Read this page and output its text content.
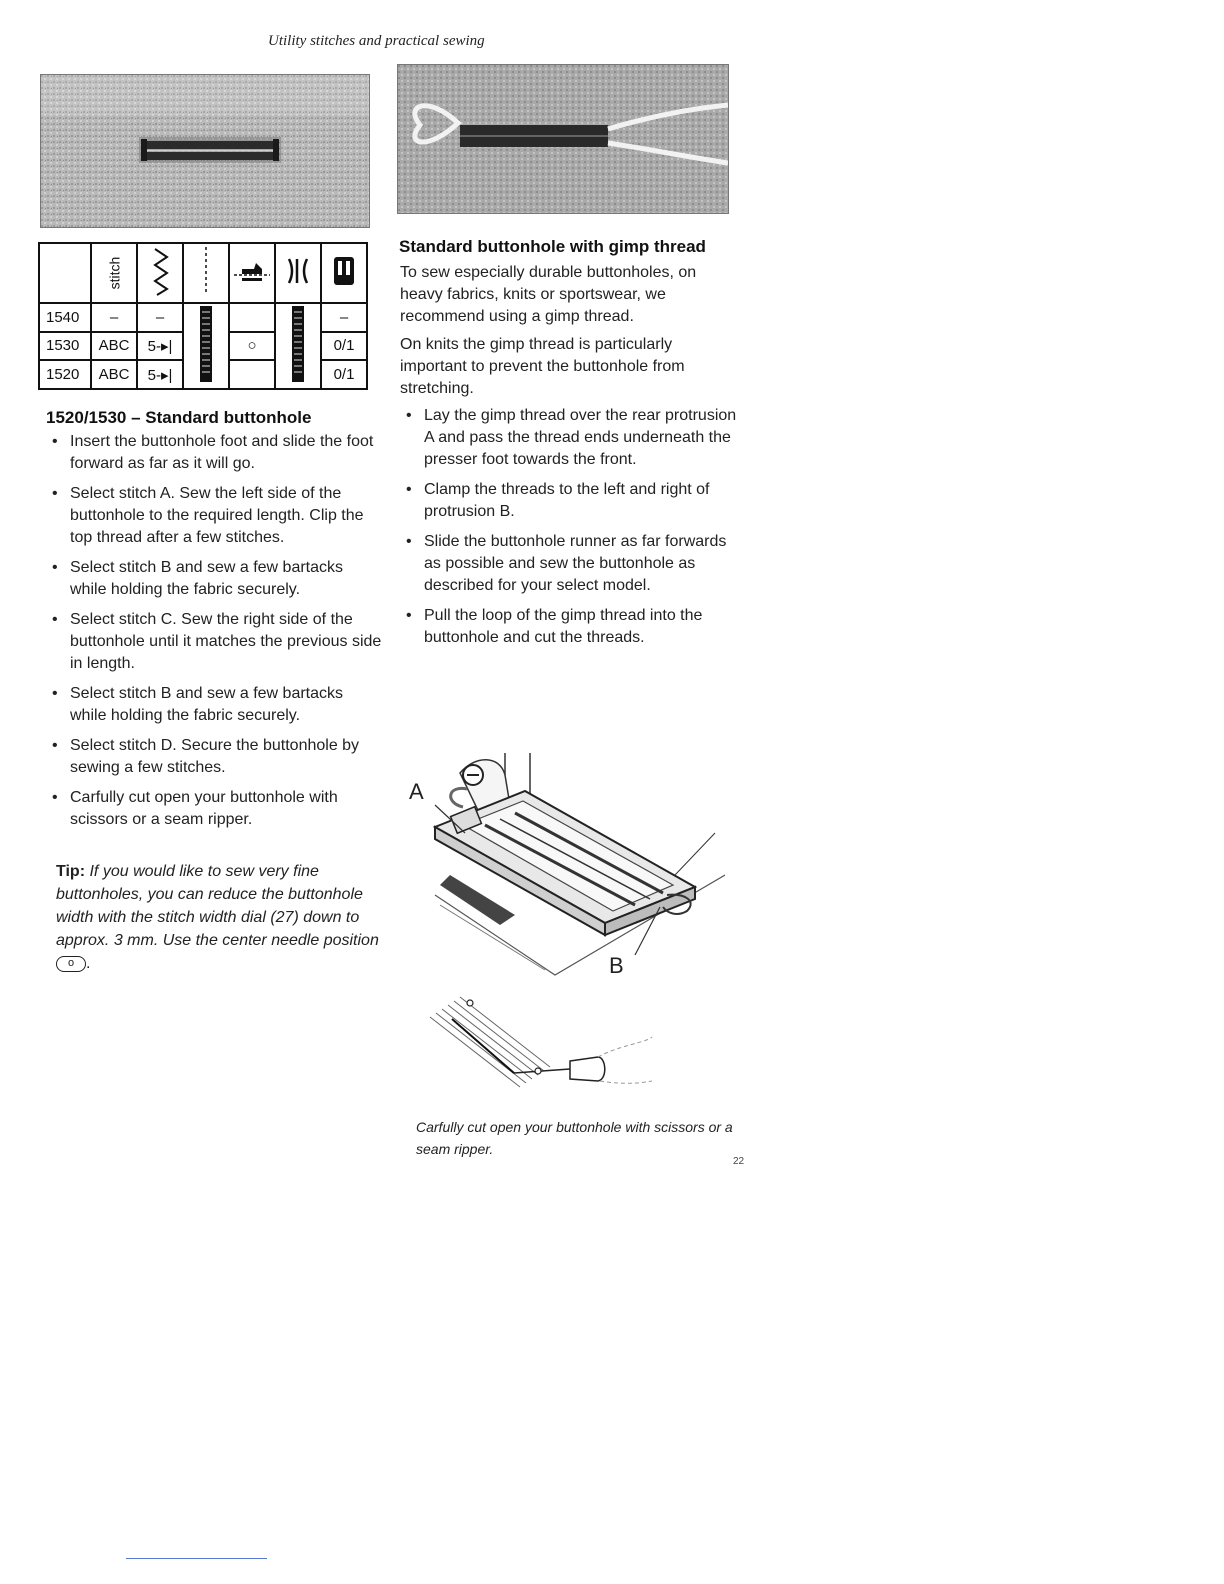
Utility stitches and practical sewing
	stitch					
1540	–	–				–
1530	ABC	5-▸|		○		0/1
1520	ABC	5-▸|				0/1
1520/1530 – Standard buttonhole
• Insert the buttonhole foot and slide the foot forward as far as it will go.
• Select stitch A. Sew the left side of the buttonhole to the required length. Clip the top thread after a few stitches.
• Select stitch B and sew a few bartacks while holding the fabric securely.
• Select stitch C. Sew the right side of the buttonhole until it matches the previous side in length.
• Select stitch B and sew a few bartacks while holding the fabric securely.
• Select stitch D. Secure the buttonhole by sewing a few stitches.
• Carfully cut open your buttonhole with scissors or a seam ripper.
Tip: If you would like to sew very fine buttonholes, you can reduce the buttonhole width with the stitch width dial (27) down to approx. 3 mm. Use the center needle position o .
Standard buttonhole with gimp thread

To sew especially durable buttonholes, on heavy fabrics, knits or sportswear, we recommend using a gimp thread.

On knits the gimp thread is particularly important to prevent the buttonhole from stretching.

• Lay the gimp thread over the rear protrusion A and pass the thread ends underneath the presser foot towards the front.
• Clamp the threads to the left and right of protrusion B.
• Slide the buttonhole runner as far forwards as possible and sew the buttonhole as described for your select model.
• Pull the loop of the gimp thread into the buttonhole and cut the threads.
A
B
Carfully cut open your buttonhole with scissors or a seam ripper.
22
